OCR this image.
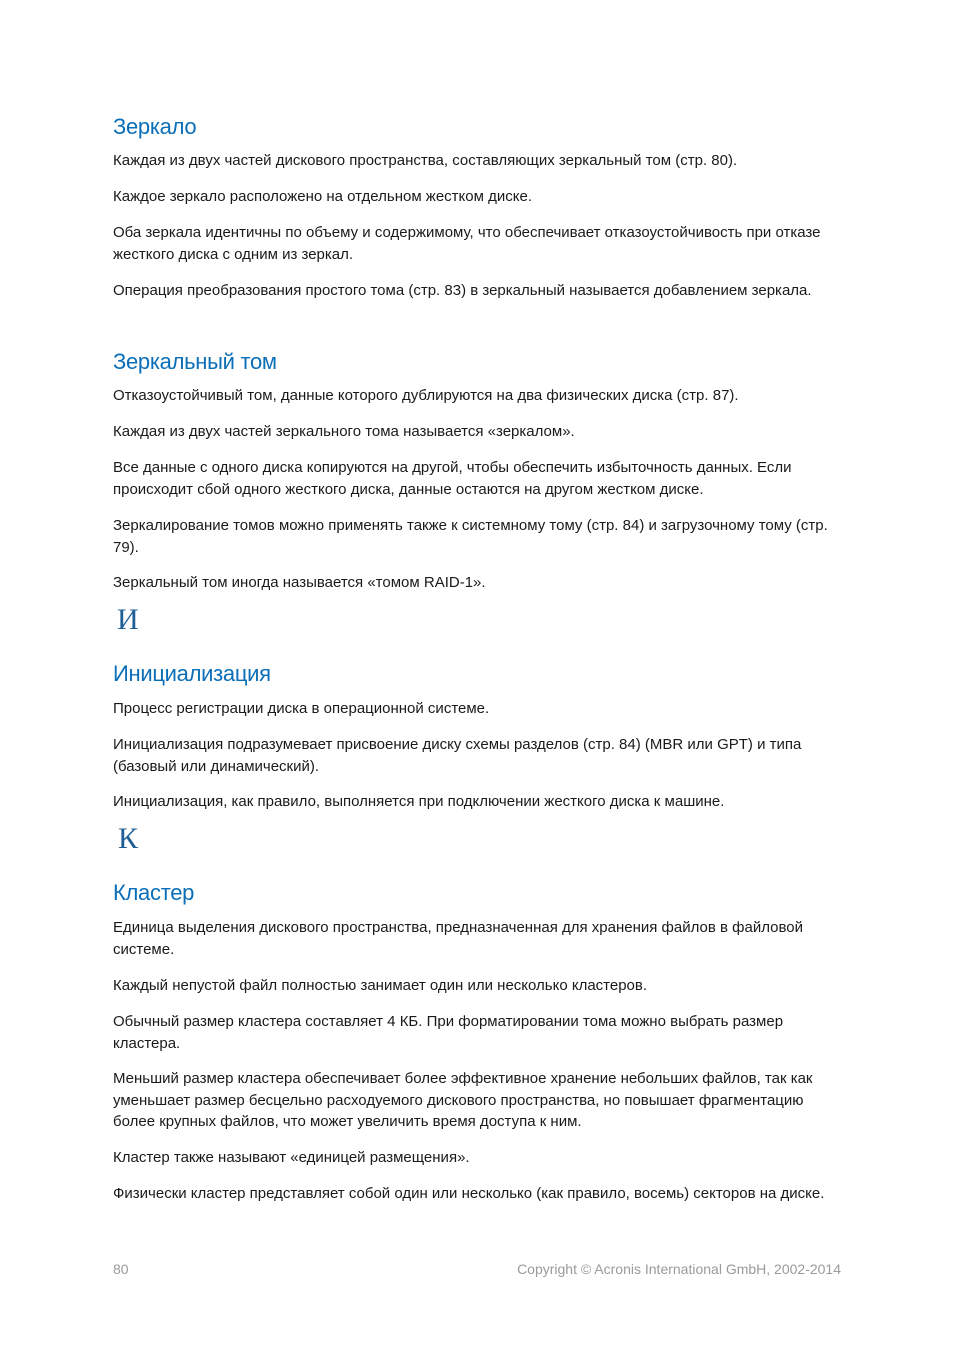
Зеркало

Каждая из двух частей дискового пространства, составляющих зеркальный том (стр. 80).

Каждое зеркало расположено на отдельном жестком диске.

Оба зеркала идентичны по объему и содержимому, что обеспечивает отказоустойчивость при отказе жесткого диска с одним из зеркал.

Операция преобразования простого тома (стр. 83) в зеркальный называется добавлением зеркала.

Зеркальный том

Отказоустойчивый том, данные которого дублируются на два физических диска (стр. 87).

Каждая из двух частей зеркального тома называется «зеркалом».

Все данные с одного диска копируются на другой, чтобы обеспечить избыточность данных. Если происходит сбой одного жесткого диска, данные остаются на другом жестком диске.

Зеркалирование томов можно применять также к системному тому (стр. 84) и загрузочному тому (стр. 79).

Зеркальный том иногда называется «томом RAID-1».

И
Инициализация

Процесс регистрации диска в операционной системе.

Инициализация подразумевает присвоение диску схемы разделов (стр. 84) (MBR или GPT) и типа (базовый или динамический).

Инициализация, как правило, выполняется при подключении жесткого диска к машине.

К
Кластер

Единица выделения дискового пространства, предназначенная для хранения файлов в файловой системе.

Каждый непустой файл полностью занимает один или несколько кластеров.

Обычный размер кластера составляет 4 КБ. При форматировании тома можно выбрать размер кластера.

Меньший размер кластера обеспечивает более эффективное хранение небольших файлов, так как уменьшает размер бесцельно расходуемого дискового пространства, но повышает фрагментацию более крупных файлов, что может увеличить время доступа к ним.

Кластер также называют «единицей размещения».

Физически кластер представляет собой один или несколько (как правило, восемь) секторов на диске.

80	Copyright © Acronis International GmbH, 2002-2014
